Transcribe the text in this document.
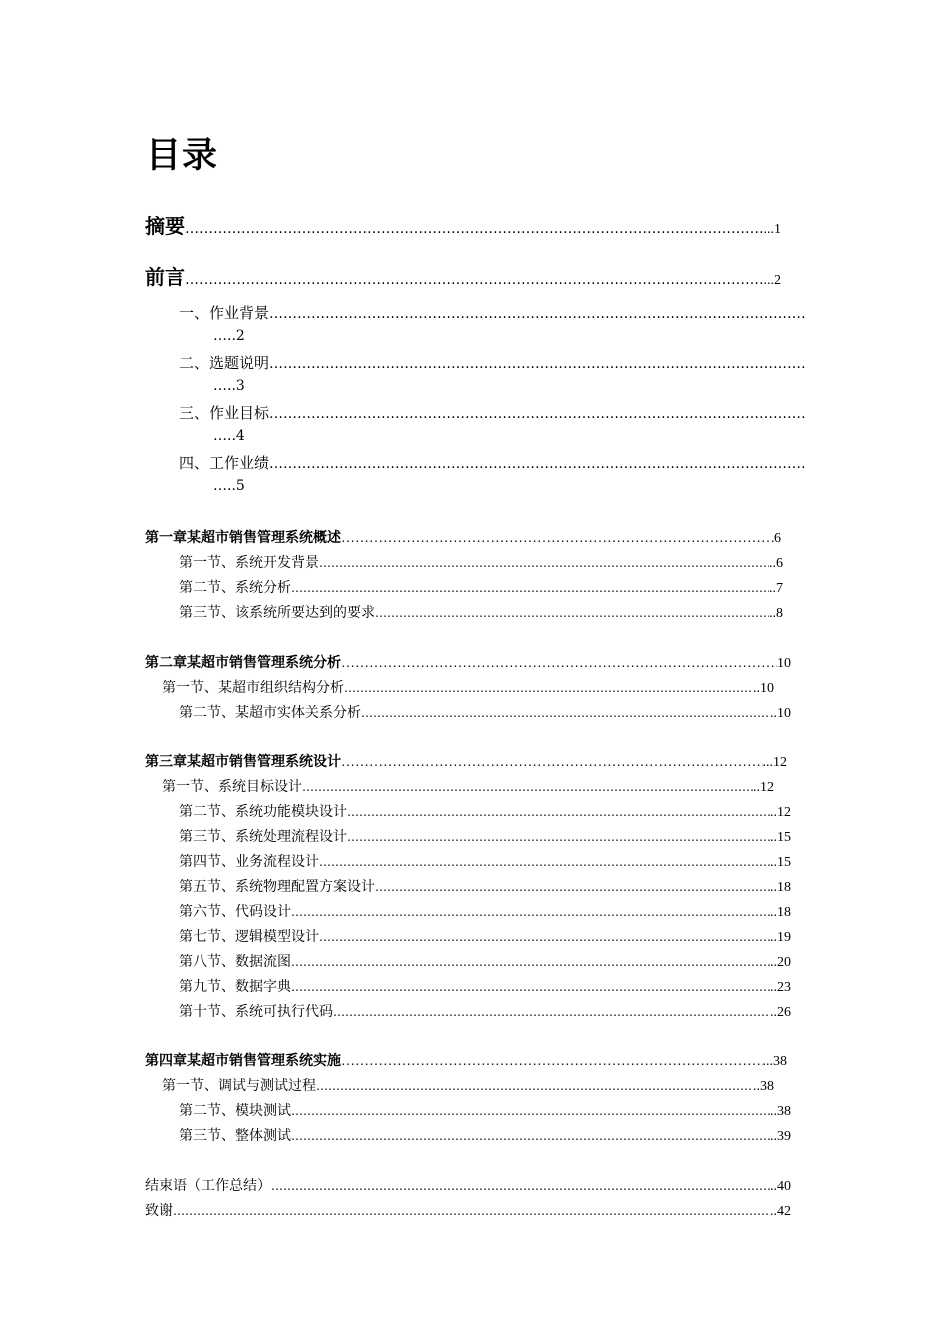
目录
摘要 …………………………………………………………………………………………………………………………………………………………………………………………………………………………………………………………………………………………………	...1
前言 …………………………………………………………………………………………………………………………………………………………………………………………………………………………………………………………………………………………………	...2
一、 作业背景
…………………………………………………………………………………………………………………………………………………………………………………………………………………………………………………………………………………………………
…..2
二、 选题说明
…………………………………………………………………………………………………………………………………………………………………………………………………………………………………………………………………………………………………
…..3
三、 作业目标
…………………………………………………………………………………………………………………………………………………………………………………………………………………………………………………………………………………………………
…..4
四、 工作业绩
…………………………………………………………………………………………………………………………………………………………………………………………………………………………………………………………………………………………………
…..5
第一章 某超市销售管理系统概述 …………………………………………………………………………………………………………………………………………………………………………………………………………………………………………………………………………………………………	6
第一节、系统开发背景 …………………………………………………………………………………………………………………………………………………………………………………………………………………………………………………………………………………………………	..6
第二节、系统分析 …………………………………………………………………………………………………………………………………………………………………………………………………………………………………………………………………………………………………	..7
第三节、该系统所要达到的要求 …………………………………………………………………………………………………………………………………………………………………………………………………………………………………………………………………………………………………	..8
第二章 某超市销售管理系统分析 …………………………………………………………………………………………………………………………………………………………………………………………………………………………………………………………………………………………………	10
第一节、某超市组织结构分析 …………………………………………………………………………………………………………………………………………………………………………………………………………………………………………………………………………………………………	..10
第二节、某超市实体关系分析 …………………………………………………………………………………………………………………………………………………………………………………………………………………………………………………………………………………………………	..10
第三章 某超市销售管理系统设计 …………………………………………………………………………………………………………………………………………………………………………………………………………………………………………………………………………………………………	...12
第一节、系统目标设计 …………………………………………………………………………………………………………………………………………………………………………………………………………………………………………………………………………………………………	..12
第二节、系统功能模块设计 …………………………………………………………………………………………………………………………………………………………………………………………………………………………………………………………………………………………………	..12
第三节、系统处理流程设计 …………………………………………………………………………………………………………………………………………………………………………………………………………………………………………………………………………………………………	..15
第四节、业务流程设计 …………………………………………………………………………………………………………………………………………………………………………………………………………………………………………………………………………………………………	..15
第五节、系统物理配置方案设计 …………………………………………………………………………………………………………………………………………………………………………………………………………………………………………………………………………………………………	..18
第六节、代码设计 …………………………………………………………………………………………………………………………………………………………………………………………………………………………………………………………………………………………………	..18
第七节、逻辑模型设计 …………………………………………………………………………………………………………………………………………………………………………………………………………………………………………………………………………………………………	..19
第八节、数据流图 …………………………………………………………………………………………………………………………………………………………………………………………………………………………………………………………………………………………………	..20
第九节、数据字典 …………………………………………………………………………………………………………………………………………………………………………………………………………………………………………………………………………………………………	..23
第十节、系统可执行代码 …………………………………………………………………………………………………………………………………………………………………………………………………………………………………………………………………………………………………	..26
第四章 某超市销售管理系统实施 …………………………………………………………………………………………………………………………………………………………………………………………………………………………………………………………………………………………………	...38
第一节、调试与测试过程 …………………………………………………………………………………………………………………………………………………………………………………………………………………………………………………………………………………………………	..38
第二节、模块测试 …………………………………………………………………………………………………………………………………………………………………………………………………………………………………………………………………………………………………	..38
第三节、整体测试 …………………………………………………………………………………………………………………………………………………………………………………………………………………………………………………………………………………………………	..39
结束语（工作总结） …………………………………………………………………………………………………………………………………………………………………………………………………………………………………………………………………………………………………	..40
致谢 …………………………………………………………………………………………………………………………………………………………………………………………………………………………………………………………………………………………………	..42
